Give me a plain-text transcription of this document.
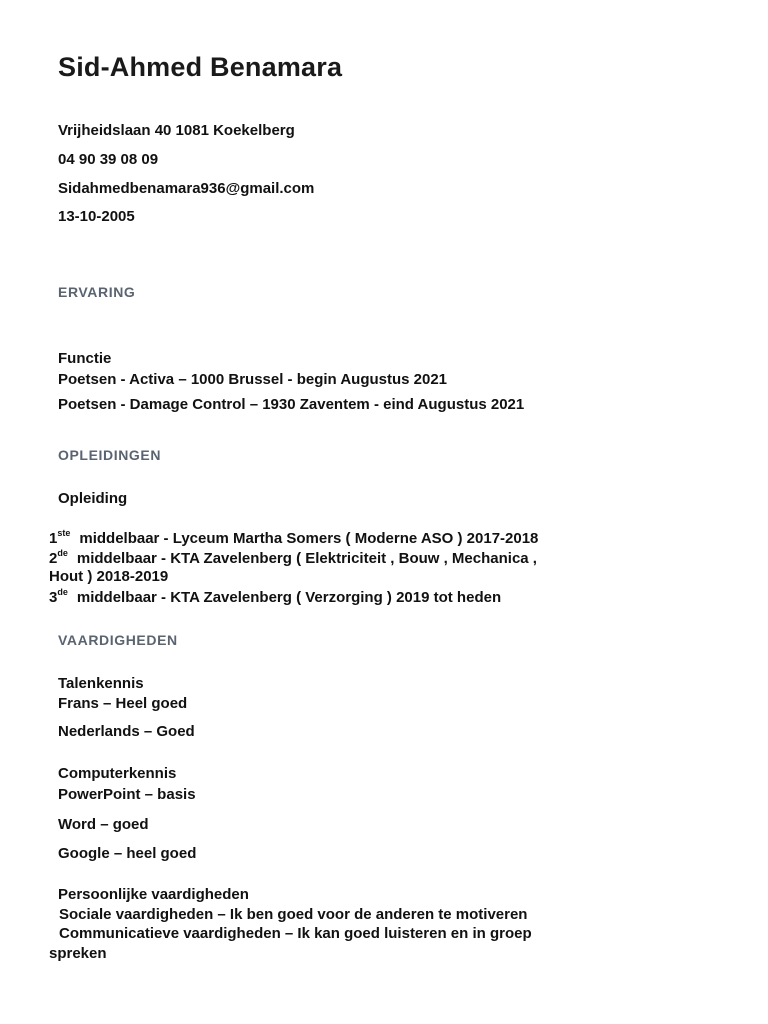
Sid-Ahmed Benamara
Vrijheidslaan 40 1081 Koekelberg
04 90 39 08 09
Sidahmedbenamara936@gmail.com
13-10-2005
ERVARING
Functie
Poetsen - Activa – 1000 Brussel - begin Augustus 2021
Poetsen - Damage Control – 1930 Zaventem - eind Augustus 2021
OPLEIDINGEN
Opleiding
1ste middelbaar - Lyceum Martha Somers ( Moderne ASO ) 2017-2018
2de middelbaar - KTA Zavelenberg ( Elektriciteit , Bouw , Mechanica ,
Hout ) 2018-2019
3de middelbaar - KTA Zavelenberg ( Verzorging ) 2019 tot heden
VAARDIGHEDEN
Talenkennis
Frans – Heel goed
Nederlands – Goed
Computerkennis
PowerPoint – basis
Word – goed
Google – heel goed
Persoonlijke vaardigheden
Sociale vaardigheden – Ik ben goed voor de anderen te motiveren
Communicatieve vaardigheden – Ik kan goed luisteren en in groep
spreken
